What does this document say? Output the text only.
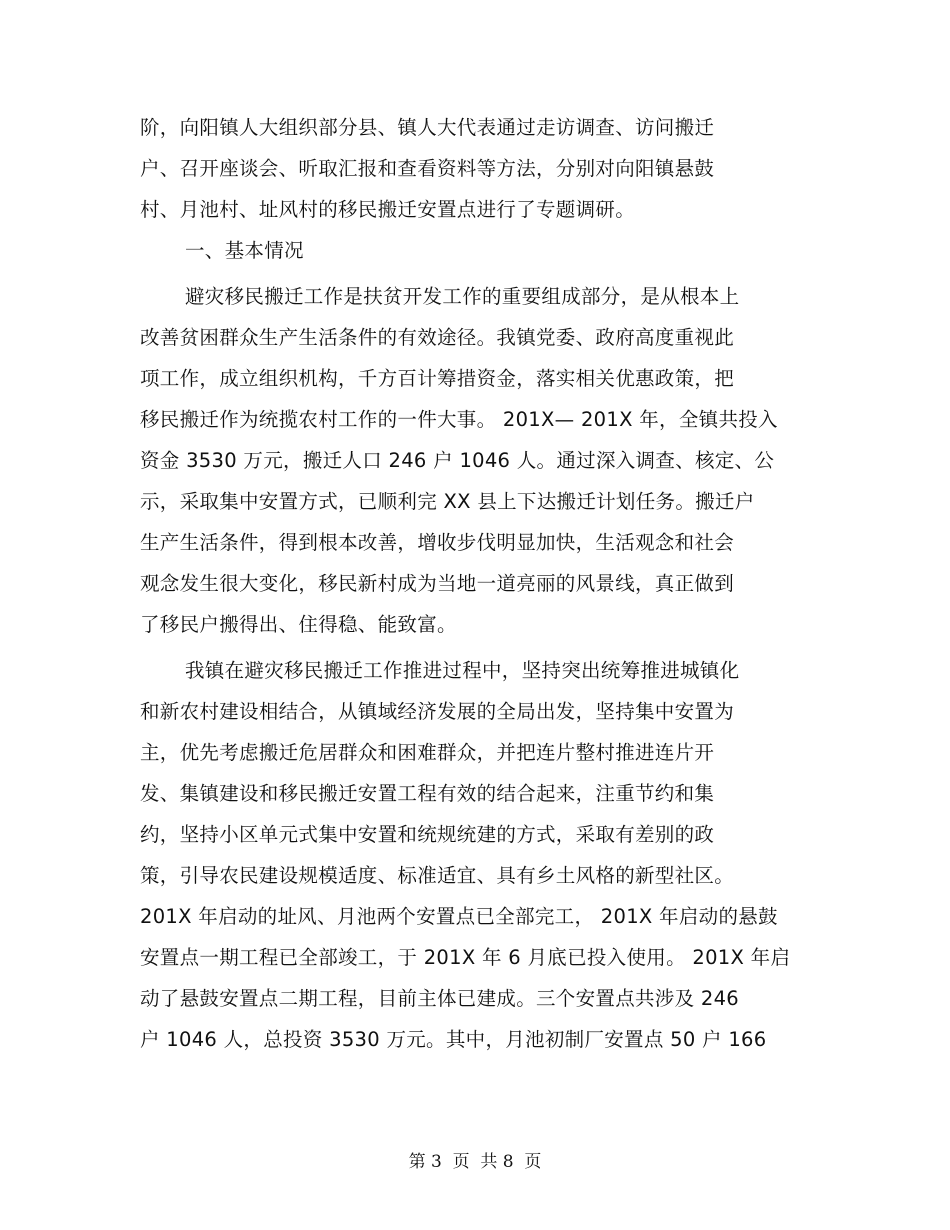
阶，向阳镇人大组织部分县、镇人大代表通过走访调查、访问搬迁
户、召开座谈会、听取汇报和查看资料等方法，分别对向阳镇悬鼓
村、月池村、址风村的移民搬迁安置点进行了专题调研。
一、基本情况
避灾移民搬迁工作是扶贫开发工作的重要组成部分，是从根本上
改善贫困群众生产生活条件的有效途径。我镇党委、政府高度重视此
项工作，成立组织机构，千方百计筹措资金，落实相关优惠政策，把
移民搬迁作为统揽农村工作的一件大事。 201X— 201X 年，全镇共投入
资金 3530 万元，搬迁人口 246 户 1046 人。通过深入调查、核定、公
示，采取集中安置方式，已顺利完 XX 县上下达搬迁计划任务。搬迁户
生产生活条件，得到根本改善，增收步伐明显加快，生活观念和社会
观念发生很大变化，移民新村成为当地一道亮丽的风景线，真正做到
了移民户搬得出、住得稳、能致富。
我镇在避灾移民搬迁工作推进过程中，坚持突出统筹推进城镇化
和新农村建设相结合，从镇域经济发展的全局出发，坚持集中安置为
主，优先考虑搬迁危居群众和困难群众，并把连片整村推进连片开
发、集镇建设和移民搬迁安置工程有效的结合起来，注重节约和集
约，坚持小区单元式集中安置和统规统建的方式，采取有差别的政
策，引导农民建设规模适度、标准适宜、具有乡土风格的新型社区。
201X 年启动的址风、月池两个安置点已全部完工， 201X 年启动的悬鼓
安置点一期工程已全部竣工，于 201X 年 6 月底已投入使用。 201X 年启
动了悬鼓安置点二期工程，目前主体已建成。三个安置点共涉及 246
户 1046 人，总投资 3530 万元。其中，月池初制厂安置点 50 户 166
第 3  页  共 8  页
